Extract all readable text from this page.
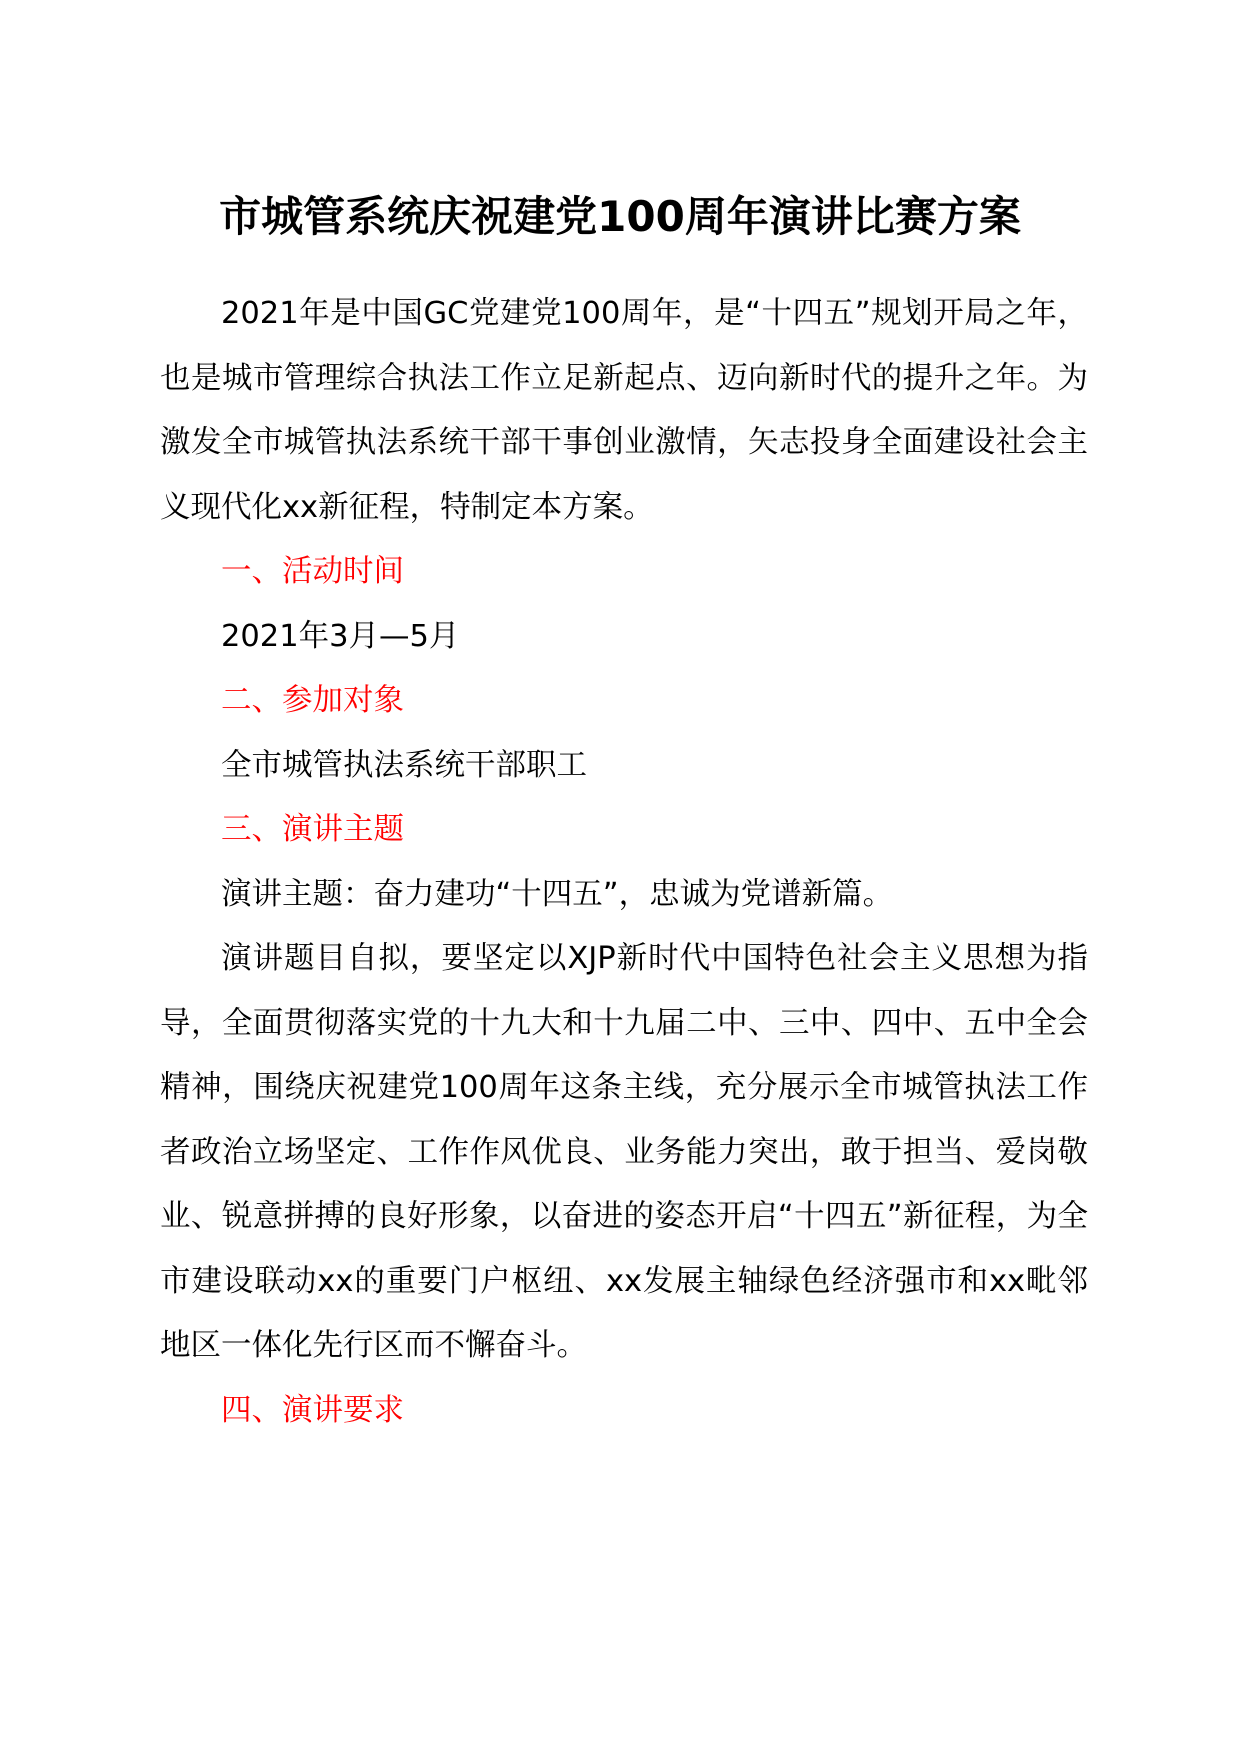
市城管系统庆祝建党100周年演讲比赛方案

2021年是中国GC党建党100周年，是“十四五”规划开局之年，也是城市管理综合执法工作立足新起点、迈向新时代的提升之年。为激发全市城管执法系统干部干事创业激情，矢志投身全面建设社会主义现代化xx新征程，特制定本方案。

一、活动时间

2021年3月—5月

二、参加对象

全市城管执法系统干部职工

三、演讲主题

演讲主题：奋力建功“十四五”，忠诚为党谱新篇。

演讲题目自拟，要坚定以XJP新时代中国特色社会主义思想为指导，全面贯彻落实党的十九大和十九届二中、三中、四中、五中全会精神，围绕庆祝建党100周年这条主线，充分展示全市城管执法工作者政治立场坚定、工作作风优良、业务能力突出，敢于担当、爱岗敬业、锐意拼搏的良好形象，以奋进的姿态开启“十四五”新征程，为全市建设联动xx的重要门户枢纽、xx发展主轴绿色经济强市和xx毗邻地区一体化先行区而不懈奋斗。

四、演讲要求
